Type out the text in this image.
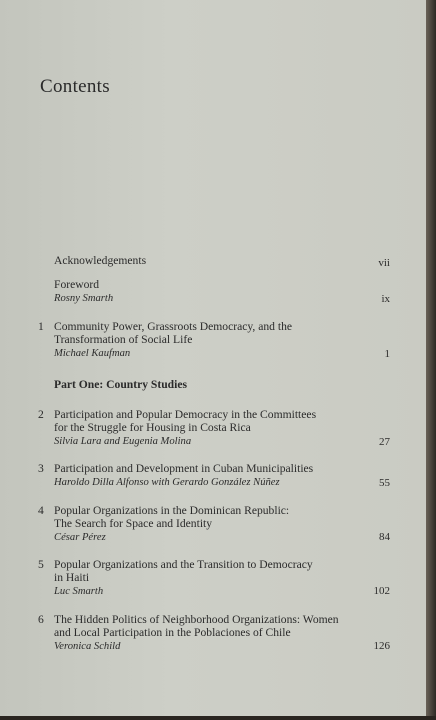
Contents
Acknowledgements	vii
Foreword
Rosny Smarth	ix
1 Community Power, Grassroots Democracy, and the
Transformation of Social Life
Michael Kaufman	1
Part One: Country Studies
2 Participation and Popular Democracy in the Committees
for the Struggle for Housing in Costa Rica
Silvia Lara and Eugenia Molina	27
3 Participation and Development in Cuban Municipalities
Haroldo Dilla Alfonso with Gerardo González Núñez	55
4 Popular Organizations in the Dominican Republic:
The Search for Space and Identity
César Pérez	84
5 Popular Organizations and the Transition to Democracy
in Haiti
Luc Smarth	102
6 The Hidden Politics of Neighborhood Organizations: Women
and Local Participation in the Poblaciones of Chile
Veronica Schild	126
